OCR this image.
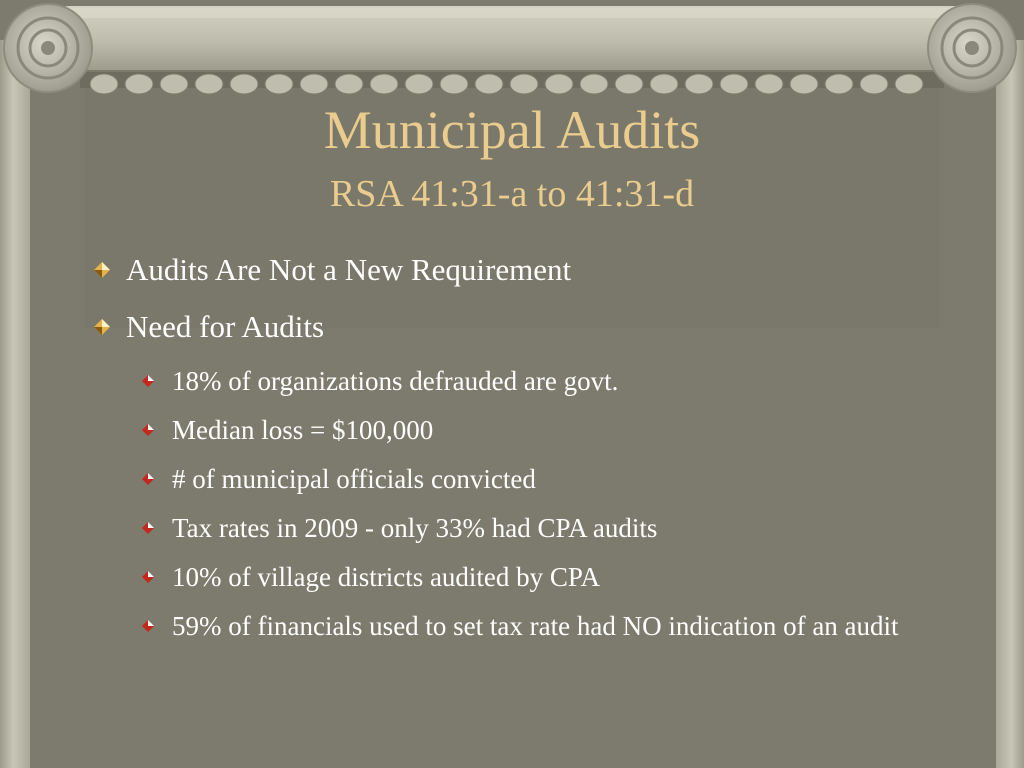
Municipal Audits
RSA 41:31-a to 41:31-d
Audits Are Not a New Requirement
Need for Audits
18% of organizations defrauded are govt.
Median loss = $100,000
# of municipal officials convicted
Tax rates in 2009 - only 33% had CPA audits
10% of village districts audited by CPA
59% of financials used to set tax rate had NO indication of an audit
